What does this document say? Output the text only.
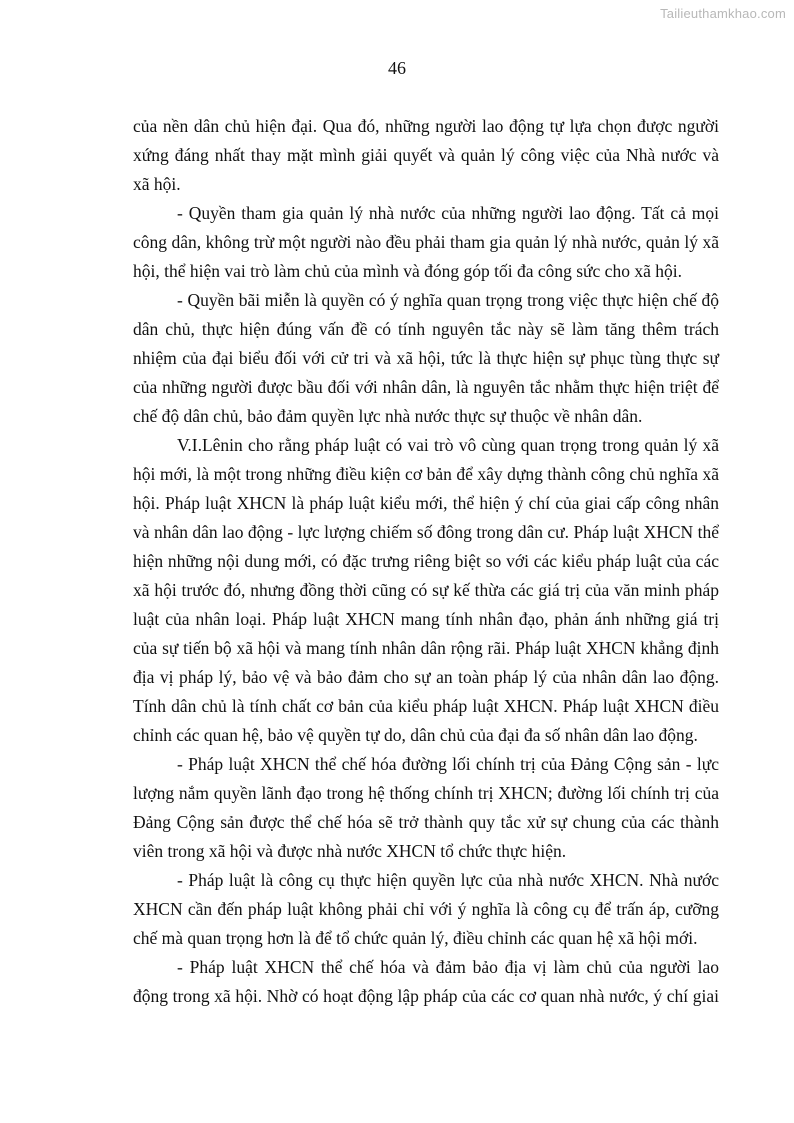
Tailieuthamkhao.com
46
của nền dân chủ hiện đại. Qua đó, những người lao động tự lựa chọn được người
xứng đáng nhất thay mặt mình giải quyết và quản lý công việc của Nhà nước và
xã hội.
- Quyền tham gia quản lý nhà nước của những người lao động. Tất cả mọi
công dân, không trừ một người nào đều phải tham gia quản lý nhà nước, quản lý xã
hội, thể hiện vai trò làm chủ của mình và đóng góp tối đa công sức cho xã hội.
- Quyền bãi miễn là quyền có ý nghĩa quan trọng trong việc thực hiện chế độ
dân chủ, thực hiện đúng vấn đề có tính nguyên tắc này sẽ làm tăng thêm trách
nhiệm của đại biểu đối với cử tri và xã hội, tức là thực hiện sự phục tùng thực sự
của những người được bầu đối với nhân dân, là nguyên tắc nhằm thực hiện triệt để
chế độ dân chủ, bảo đảm quyền lực nhà nước thực sự thuộc về nhân dân.
V.I.Lênin cho rằng pháp luật có vai trò vô cùng quan trọng trong quản lý xã
hội mới, là một trong những điều kiện cơ bản để xây dựng thành công chủ nghĩa xã
hội. Pháp luật XHCN là pháp luật kiểu mới, thể hiện ý chí của giai cấp công nhân
và nhân dân lao động - lực lượng chiếm số đông trong dân cư. Pháp luật XHCN thể
hiện những nội dung mới, có đặc trưng riêng biệt so với các kiểu pháp luật của các
xã hội trước đó, nhưng đồng thời cũng có sự kế thừa các giá trị của văn minh pháp
luật của nhân loại. Pháp luật XHCN mang tính nhân đạo, phản ánh những giá trị
của sự tiến bộ xã hội và mang tính nhân dân rộng rãi. Pháp luật XHCN khẳng định
địa vị pháp lý, bảo vệ và bảo đảm cho sự an toàn pháp lý của nhân dân lao động.
Tính dân chủ là tính chất cơ bản của kiểu pháp luật XHCN. Pháp luật XHCN điều
chỉnh các quan hệ, bảo vệ quyền tự do, dân chủ của đại đa số nhân dân lao động.
- Pháp luật XHCN thể chế hóa đường lối chính trị của Đảng Cộng sản - lực
lượng nắm quyền lãnh đạo trong hệ thống chính trị XHCN; đường lối chính trị của
Đảng Cộng sản được thể chế hóa sẽ trở thành quy tắc xử sự chung của các thành
viên trong xã hội và được nhà nước XHCN tổ chức thực hiện.
- Pháp luật là công cụ thực hiện quyền lực của nhà nước XHCN. Nhà nước
XHCN cần đến pháp luật không phải chỉ với ý nghĩa là công cụ để trấn áp, cưỡng
chế mà quan trọng hơn là để tổ chức quản lý, điều chỉnh các quan hệ xã hội mới.
- Pháp luật XHCN thể chế hóa và đảm bảo địa vị làm chủ của người lao
động trong xã hội. Nhờ có hoạt động lập pháp của các cơ quan nhà nước, ý chí giai
